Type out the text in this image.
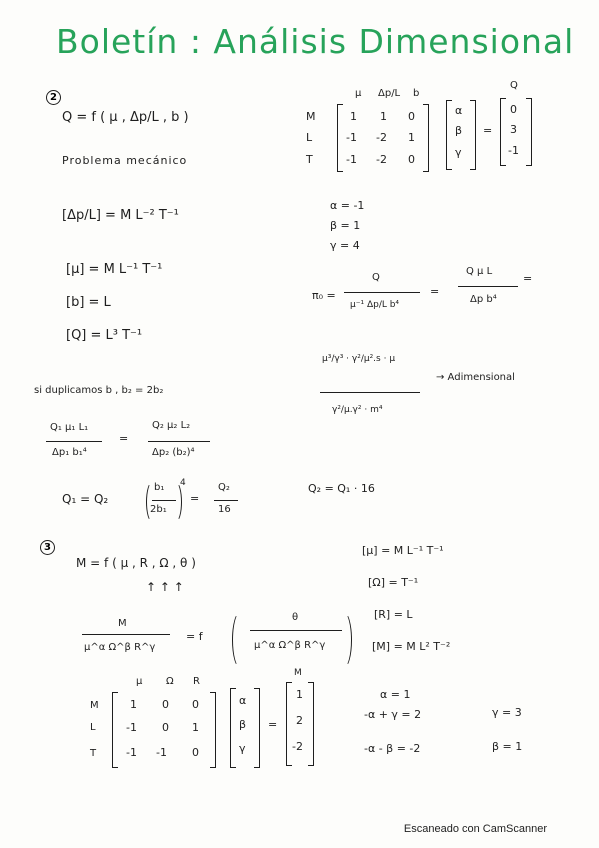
Boletín : Análisis Dimensional
2
Q = f ( μ , Δp/L , b )
Problema mecánico
μ Δp/L b
Q
M
L
T
1 1 0
-1 -2 1
-1 -2 0
α
β
γ
=
0
3
-1
[Δp/L] = M L⁻² T⁻¹
[μ] = M L⁻¹ T⁻¹
[b] = L
[Q] = L³ T⁻¹
α = -1
β = 1
γ = 4
π₀ =
Q
μ⁻¹ Δp/L b⁴
=
Q μ L
Δp b⁴
=
μ³/γ³ · γ²/μ².s · μ
γ²/μ.γ² · m⁴
→ Adimensional
si duplicamos b , b₂ = 2b₂
Q₁ μ₁ L₁
Δp₁ b₁⁴
=
Q₂ μ₂ L₂
Δp₂ (b₂)⁴
Q₁ = Q₂
b₁
2b₁
4
=
Q₂
16
Q₂ = Q₁ · 16
3
M = f ( μ , R , Ω , θ )
↑ ↑ ↑
[μ] = M L⁻¹ T⁻¹
[Ω] = T⁻¹
[R] = L
[M] = M L² T⁻²
M
μ^α Ω^β R^γ
= f
θ
μ^α Ω^β R^γ
μ Ω R
M
M
L
T
1 0 0
-1 0 1
-1 -1 0
α
β
γ
=
1
2
-2
α = 1
-α + γ = 2
-α - β = -2
γ = 3
β = 1
Escaneado con CamScanner
